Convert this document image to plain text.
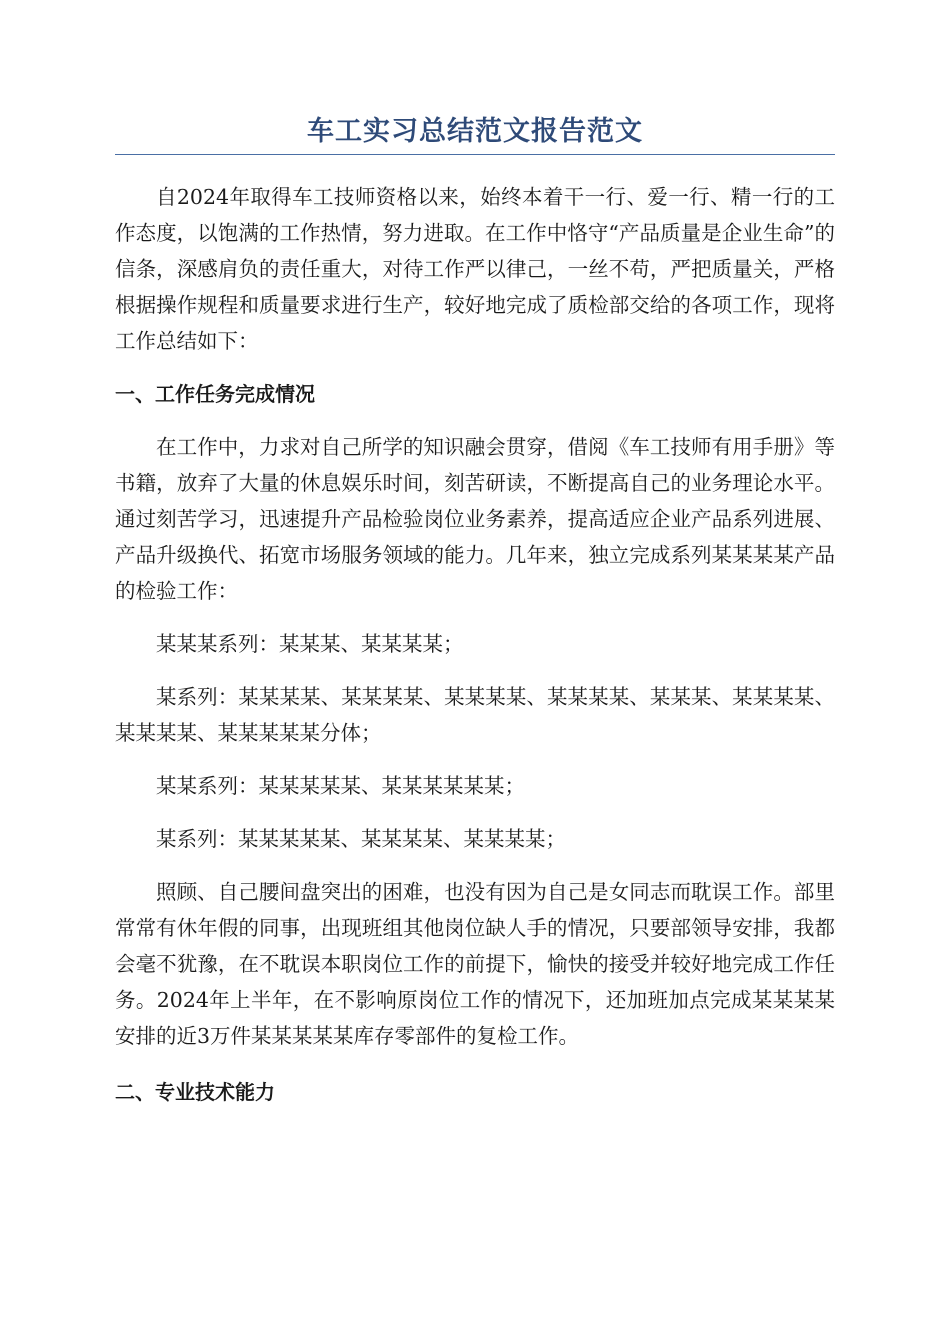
车工实习总结范文报告范文

自2024年取得车工技师资格以来，始终本着干一行、爱一行、精一行的工作态度，以饱满的工作热情，努力进取。在工作中恪守“产品质量是企业生命”的信条，深感肩负的责任重大，对待工作严以律己，一丝不苟，严把质量关，严格根据操作规程和质量要求进行生产，较好地完成了质检部交给的各项工作，现将工作总结如下：

一、工作任务完成情况

在工作中，力求对自己所学的知识融会贯穿，借阅《车工技师有用手册》等书籍，放弃了大量的休息娱乐时间，刻苦研读，不断提高自己的业务理论水平。通过刻苦学习，迅速提升产品检验岗位业务素养，提高适应企业产品系列进展、产品升级换代、拓宽市场服务领域的能力。几年来，独立完成系列某某某某产品的检验工作：

某某某系列：某某某、某某某某；

某系列：某某某某、某某某某、某某某某、某某某某、某某某、某某某某、某某某某、某某某某某分体；

某某系列：某某某某某、某某某某某某；

某系列：某某某某某、某某某某、某某某某；

照顾、自己腰间盘突出的困难，也没有因为自己是女同志而耽误工作。部里常常有休年假的同事，出现班组其他岗位缺人手的情况，只要部领导安排，我都会毫不犹豫，在不耽误本职岗位工作的前提下，愉快的接受并较好地完成工作任务。2024年上半年，在不影响原岗位工作的情况下，还加班加点完成某某某某安排的近3万件某某某某某库存零部件的复检工作。

二、专业技术能力
